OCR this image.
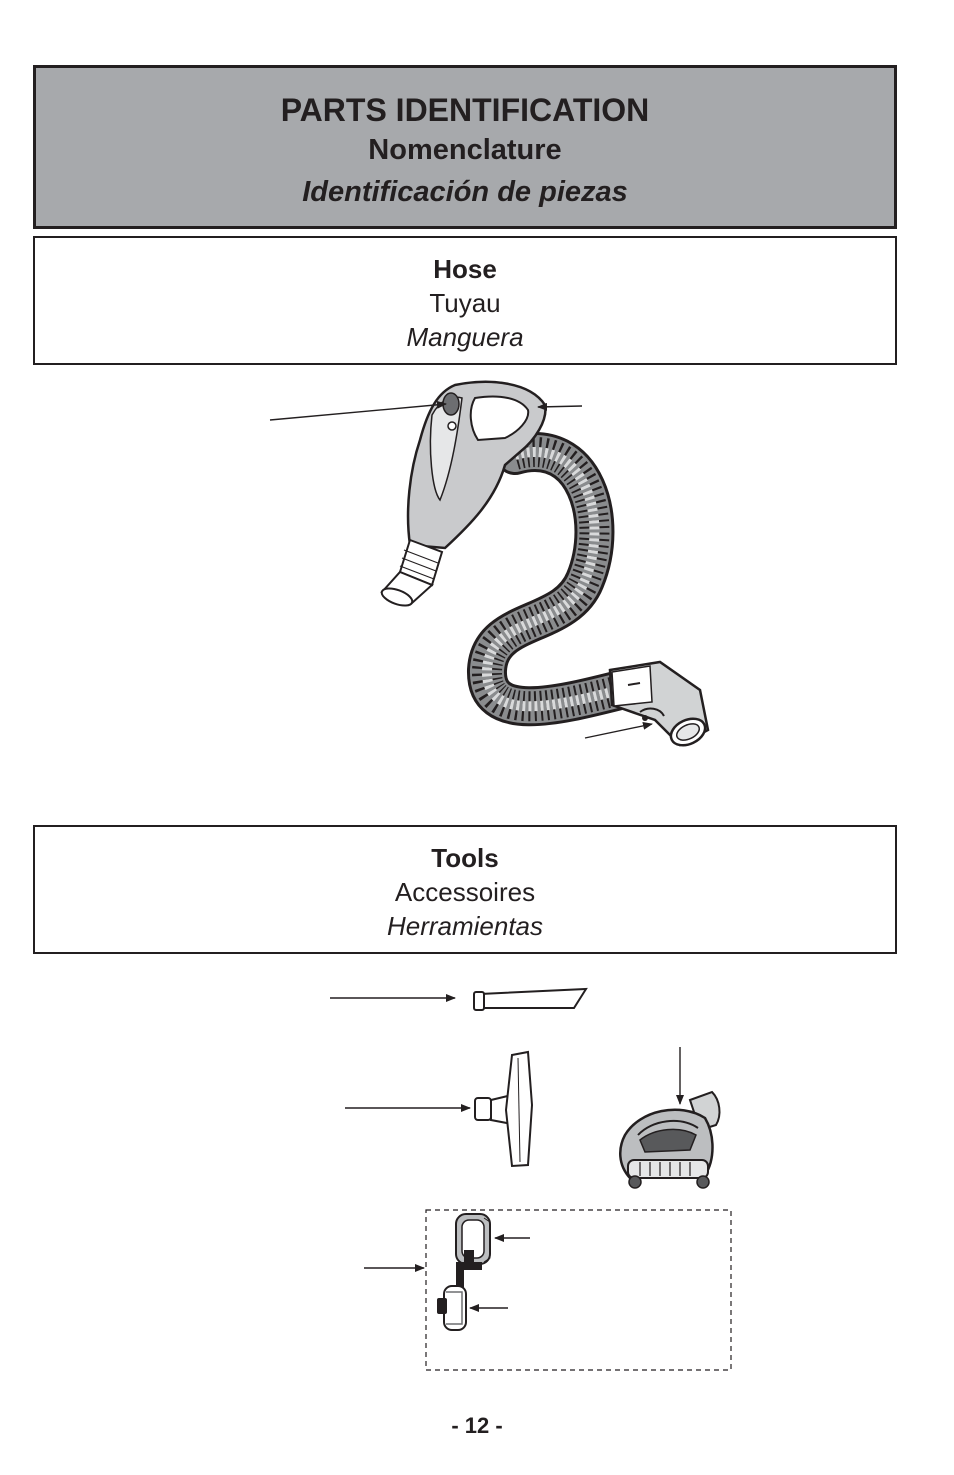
PARTS IDENTIFICATION
Nomenclature
Identificación de piezas
Hose
Tuyau
Manguera
Tools
Accessoires
Herramientas
- 12 -
